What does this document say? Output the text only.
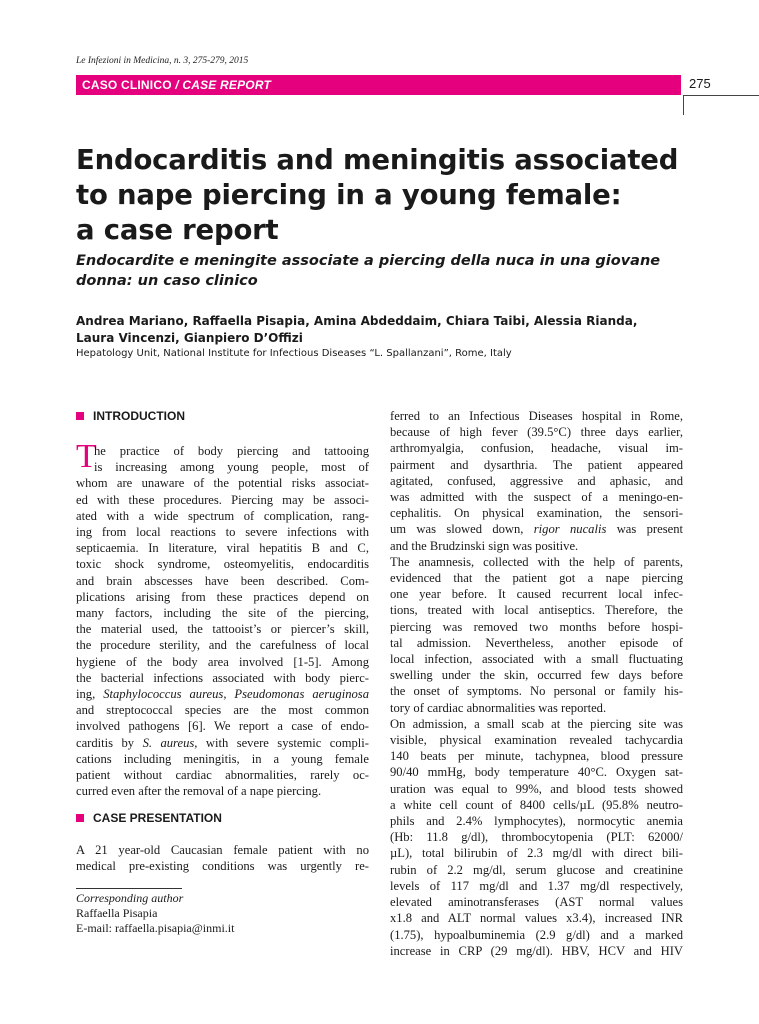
Le Infezioni in Medicina, n. 3, 275-279, 2015
CASO CLINICO / CASE REPORT	275
Endocarditis and meningitis associated
to nape piercing in a young female:
a case report
Endocardite e meningite associate a piercing della nuca in una giovane
donna: un caso clinico

Andrea Mariano, Raffaella Pisapia, Amina Abdeddaim, Chiara Taibi, Alessia Rianda,
Laura Vincenzi, Gianpiero D’Offizi

Hepatology Unit, National Institute for Infectious Diseases “L. Spallanzani”, Rome, Italy

INTRODUCTION
T
he practice of body piercing and tattooing
is increasing among young people, most of
whom are unaware of the potential risks associat-
ed with these procedures. Piercing may be associ-
ated with a wide spectrum of complication, rang-
ing from local reactions to severe infections with
septicaemia. In literature, viral hepatitis B and C,
toxic shock syndrome, osteomyelitis, endocarditis
and brain abscesses have been described. Com-
plications arising from these practices depend on
many factors, including the site of the piercing,
the material used, the tattooist’s or piercer’s skill,
the procedure sterility, and the carefulness of local
hygiene of the body area involved [1-5]. Among
the bacterial infections associated with body pierc-
ing, Staphylococcus aureus, Pseudomonas aeruginosa
and streptococcal species are the most common
involved pathogens [6]. We report a case of endo-
carditis by S. aureus, with severe systemic compli-
cations including meningitis, in a young female
patient without cardiac abnormalities, rarely oc-
curred even after the removal of a nape piercing.
CASE PRESENTATION
A 21 year-old Caucasian female patient with no
medical pre-existing conditions was urgently re-
Corresponding author
Raffaella Pisapia
E-mail: raffaella.pisapia@inmi.it
ferred to an Infectious Diseases hospital in Rome,
because of high fever (39.5°C) three days earlier,
arthromyalgia, confusion, headache, visual im-
pairment and dysarthria. The patient appeared
agitated, confused, aggressive and aphasic, and
was admitted with the suspect of a meningo-en-
cephalitis. On physical examination, the sensori-
um was slowed down, rigor nucalis was present
and the Brudzinski sign was positive.
The anamnesis, collected with the help of parents,
evidenced that the patient got a nape piercing
one year before. It caused recurrent local infec-
tions, treated with local antiseptics. Therefore, the
piercing was removed two months before hospi-
tal admission. Nevertheless, another episode of
local infection, associated with a small fluctuating
swelling under the skin, occurred few days before
the onset of symptoms. No personal or family his-
tory of cardiac abnormalities was reported.
On admission, a small scab at the piercing site was
visible, physical examination revealed tachycardia
140 beats per minute, tachypnea, blood pressure
90/40 mmHg, body temperature 40°C. Oxygen sat-
uration was equal to 99%, and blood tests showed
a white cell count of 8400 cells/µL (95.8% neutro-
phils and 2.4% lymphocytes), normocytic anemia
(Hb: 11.8 g/dl), thrombocytopenia (PLT: 62000/
µL), total bilirubin of 2.3 mg/dl with direct bili-
rubin of 2.2 mg/dl, serum glucose and creatinine
levels of 117 mg/dl and 1.37 mg/dl respectively,
elevated aminotransferases (AST normal values
x1.8 and ALT normal values x3.4), increased INR
(1.75), hypoalbuminemia (2.9 g/dl) and a marked
increase in CRP (29 mg/dl). HBV, HCV and HIV
